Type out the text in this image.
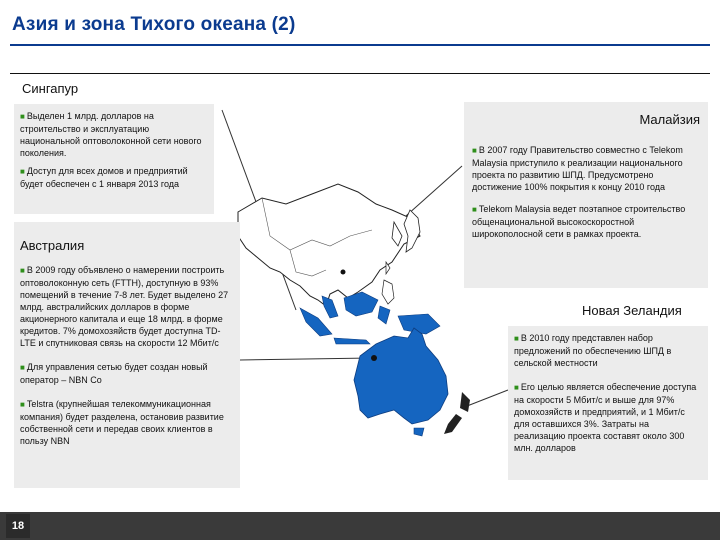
Азия и зона Тихого океана (2)
Сингапур

■ Выделен 1 млрд. долларов на строительство и эксплуатацию национальной оптоволоконной сети нового поколения.

■ Доступ для всех домов и предприятий будет обеспечен с 1 января 2013 года

Австралия

■ В 2009 году объявлено о намерении построить оптоволоконную сеть (FTTH), доступную в 93% помещений в течение 7-8 лет. Будет выделено 27 млрд. австралийских долларов в форме акционерного капитала и еще 18 млрд. в форме кредитов. 7% домохозяйств будет доступна TD-LTE и спутниковая связь на скорости 12 Мбит/с

■ Для управления сетью будет создан новый оператор – NBN Co

■ Telstra (крупнейшая телекоммуникационная компания) будет разделена, остановив развитие собственной сети и передав своих клиентов в пользу NBN

Малайзия

■ В 2007 году Правительство совместно с Telekom Malaysia приступило к реализации национального проекта по развитию ШПД. Предусмотрено достижение 100% покрытия к концу 2010 года

■ Telekom Malaysia ведет поэтапное строительство общенациональной высокоскоростной широкополосной сети в рамках проекта.

Новая Зеландия

■ В 2010 году представлен набор предложений по обеспечению ШПД в сельской местности

■ Его целью является обеспечение доступа на скорости 5 Мбит/с и выше для 97% домохозяйств и предприятий, и 1 Мбит/с для оставшихся 3%. Затраты на реализацию проекта составят около 300 млн. долларов

18
